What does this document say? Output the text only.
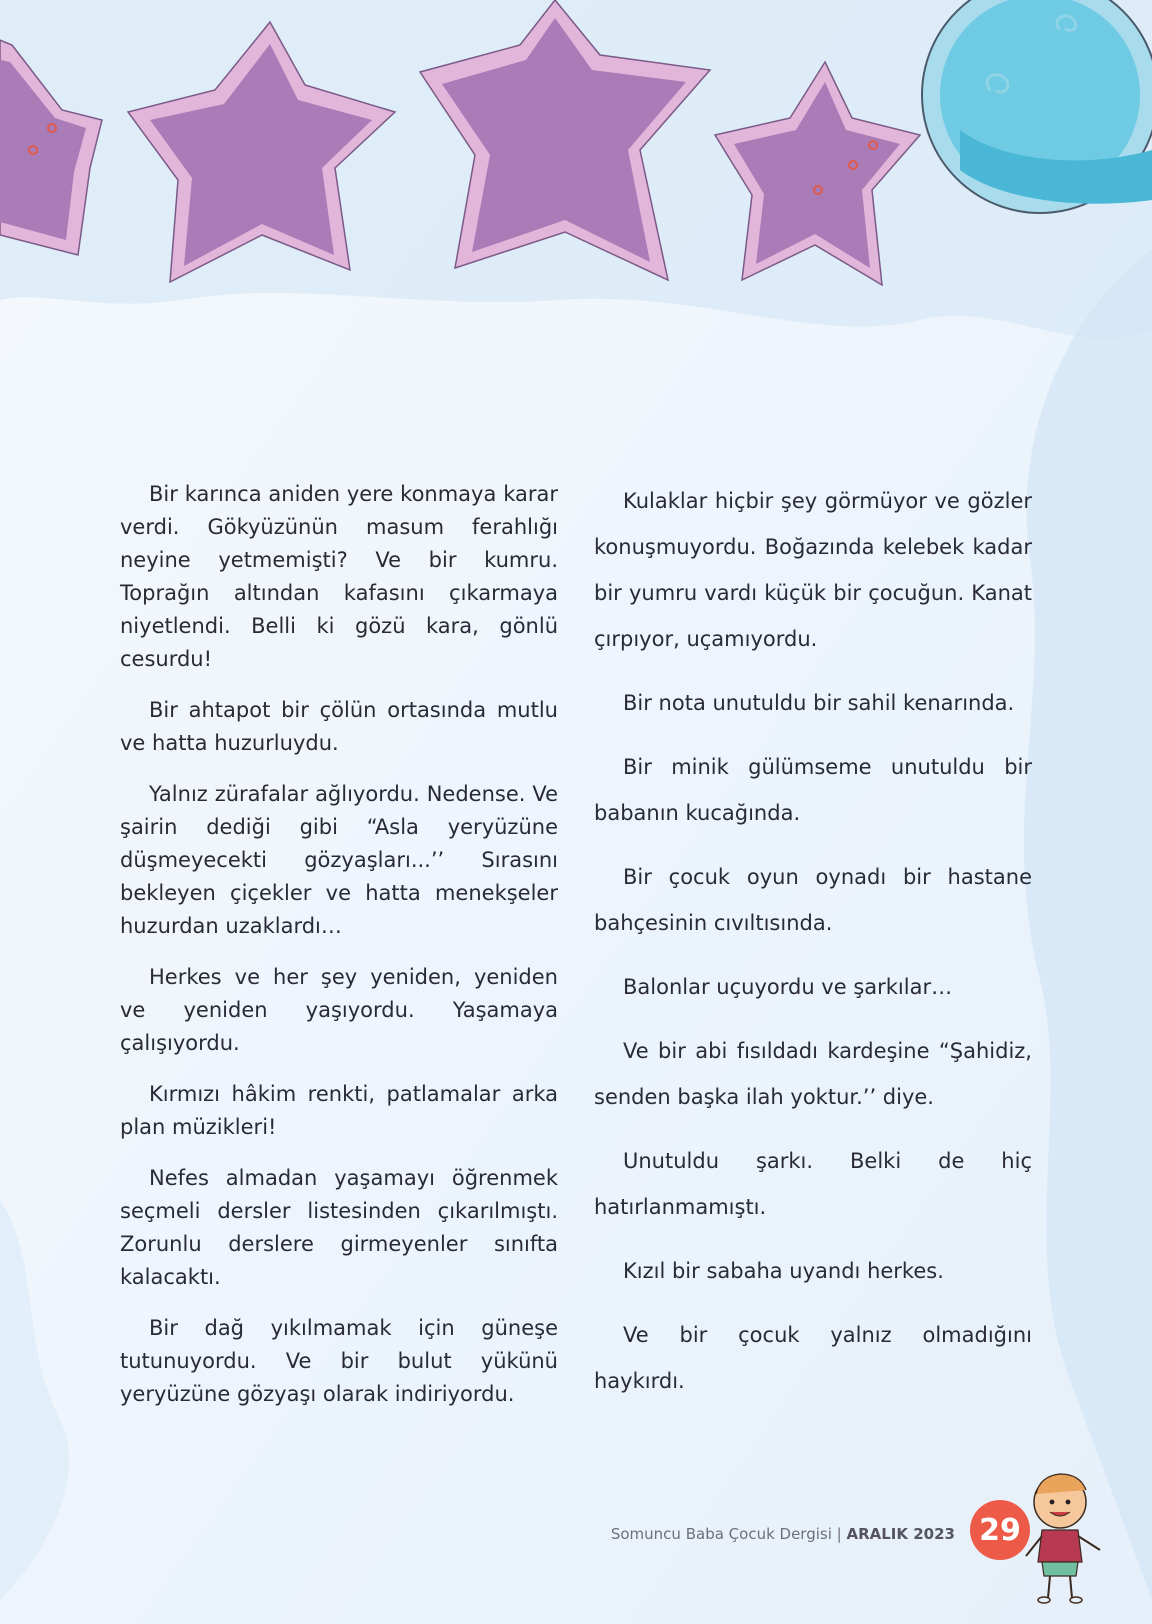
Bir karınca aniden yere konmaya karar verdi. Gökyüzünün masum ferahlığı neyine yetmemişti? Ve bir kumru. Toprağın altından kafasını çıkarmaya niyetlendi. Belli ki gözü kara, gönlü cesurdu!

Bir ahtapot bir çölün ortasında mutlu ve hatta huzurluydu.

Yalnız zürafalar ağlıyordu. Nedense. Ve şairin dediği gibi “Asla yeryüzüne düşmeyecekti gözyaşları...’’ Sırasını bekleyen çiçekler ve hatta menekşeler huzurdan uzaklardı…

Herkes ve her şey yeniden, yeniden ve yeniden yaşıyordu. Yaşamaya çalışıyordu.

Kırmızı hâkim renkti, patlamalar arka plan müzikleri!

Nefes almadan yaşamayı öğrenmek seçmeli dersler listesinden çıkarılmıştı. Zorunlu derslere girmeyenler sınıfta kalacaktı.

Bir dağ yıkılmamak için güneşe tutunuyordu. Ve bir bulut yükünü yeryüzüne gözyaşı olarak indiriyordu.

Kulaklar hiçbir şey görmüyor ve gözler konuşmuyordu. Boğazında kelebek kadar bir yumru vardı küçük bir çocuğun. Kanat çırpıyor, uçamıyordu.

Bir nota unutuldu bir sahil kenarında.

Bir minik gülümseme unutuldu bir babanın kucağında.

Bir çocuk oyun oynadı bir hastane bahçesinin cıvıltısında.

Balonlar uçuyordu ve şarkılar…

Ve bir abi fısıldadı kardeşine “Şahidiz, senden başka ilah yoktur.’’ diye.

Unutuldu şarkı. Belki de hiç hatırlanmamıştı.

Kızıl bir sabaha uyandı herkes.

Ve bir çocuk yalnız olmadığını haykırdı.

Somuncu Baba Çocuk Dergisi | ARALIK 2023 29
